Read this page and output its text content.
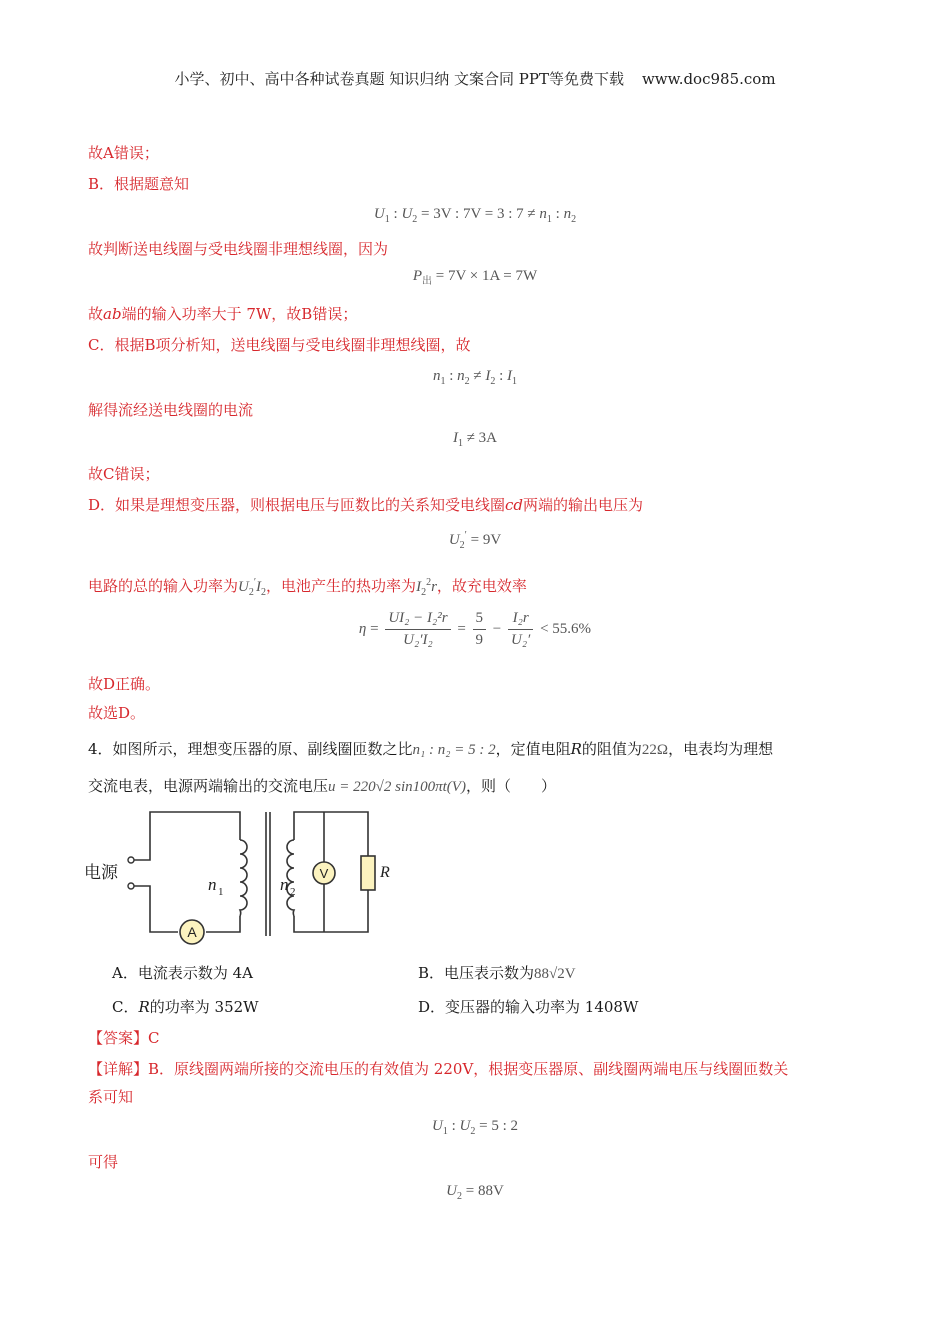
小学、初中、高中各种试卷真题 知识归纳 文案合同 PPT等免费下载 www.doc985.com
故A错误；
B．根据题意知
$U_1$ : $U_2 = 3V$ : 7V = 3 : $7 \ne n_1$ : $n_2$
故判断送电线圈与受电线圈非理想线圈，因为
$P_出 = 7V \times 1A = 7W$
故ab端的输入功率大于 7W，故B错误；
C．根据B项分析知，送电线圈与受电线圈非理想线圈，故
$n_1$ : $n_2 \ne I_2$ : $I_1$
解得流经送电线圈的电流
$I_1 \ne 3A$
故C错误；
D．如果是理想变压器，则根据电压与匝数比的关系知受电线圈cd两端的输出电压为
$U_2' = 9V$
电路的总的输入功率为$U_2'I_2$，电池产生的热功率为$I_2^2r$，故充电效率
$\eta = \frac{\text{UI₂ − I₂²r}}{\text{U₂′I₂}} = \frac{5}{9} - \frac{\text{I₂r}}{\text{U₂′}} < 55.6\%$
故D正确。
故选D。
4．如图所示，理想变压器的原、副线圈匝数之比n₁ : n₂ = 5 : 2，定值电阻R的阻值为22Ω，电表均为理想
交流电表，电源两端输出的交流电压u = 220√2 sin100πt(V)，则（　　）
A
V	R
电源
n 1	n 2
A．电流表示数为 4A	B．电压表示数为88√2V
C．R的功率为 352W	D．变压器的输入功率为 1408W
【答案】C
【详解】B．原线圈两端所接的交流电压的有效值为 220V，根据变压器原、副线圈两端电压与线圈匝数关
系可知
$U_1$ : $U_2 = 5$ : 2
可得
$U_2 = 88V$
